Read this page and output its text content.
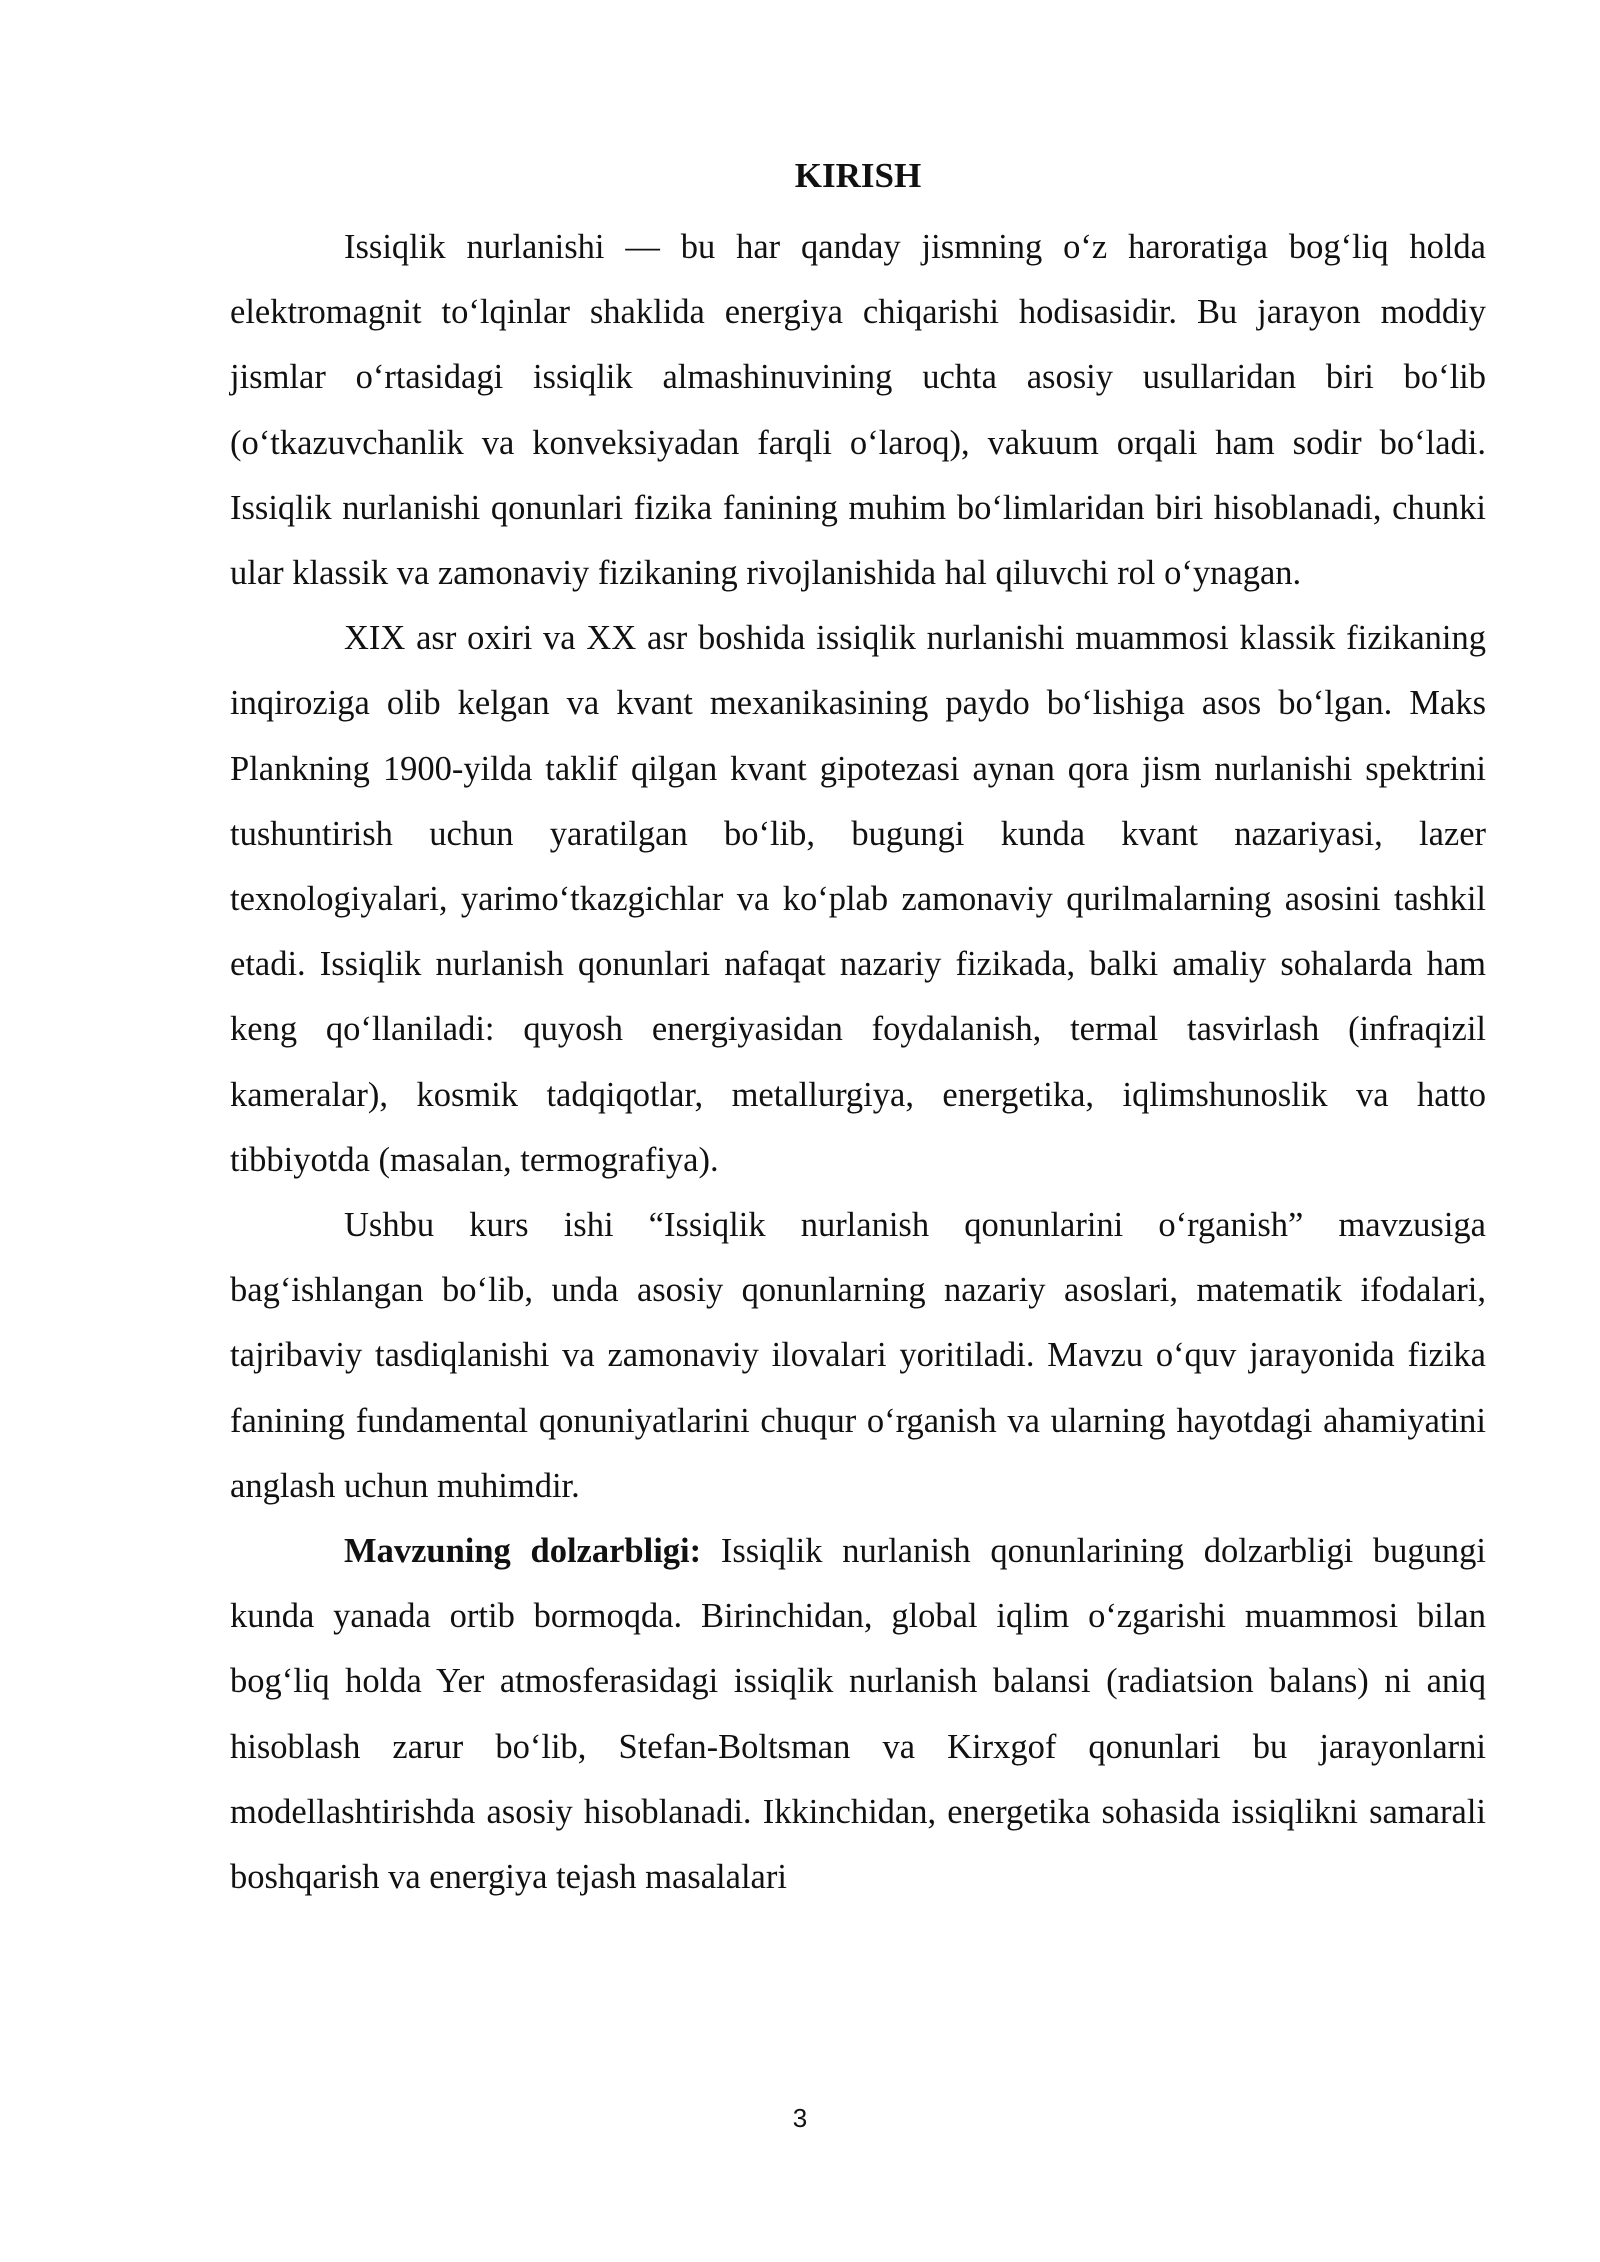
KIRISH

Issiqlik nurlanishi — bu har qanday jismning o‘z haroratiga bog‘liq holda elektromagnit to‘lqinlar shaklida energiya chiqarishi hodisasidir. Bu jarayon moddiy jismlar o‘rtasidagi issiqlik almashinuvining uchta asosiy usullaridan biri bo‘lib (o‘tkazuvchanlik va konveksiyadan farqli o‘laroq), vakuum orqali ham sodir bo‘ladi. Issiqlik nurlanishi qonunlari fizika fanining muhim bo‘limlaridan biri hisoblanadi, chunki ular klassik va zamonaviy fizikaning rivojlanishida hal qiluvchi rol o‘ynagan.

XIX asr oxiri va XX asr boshida issiqlik nurlanishi muammosi klassik fizikaning inqiroziga olib kelgan va kvant mexanikasining paydo bo‘lishiga asos bo‘lgan. Maks Plankning 1900-yilda taklif qilgan kvant gipotezasi aynan qora jism nurlanishi spektrini tushuntirish uchun yaratilgan bo‘lib, bugungi kunda kvant nazariyasi, lazer texnologiyalari, yarimo‘tkazgichlar va ko‘plab zamonaviy qurilmalarning asosini tashkil etadi. Issiqlik nurlanish qonunlari nafaqat nazariy fizikada, balki amaliy sohalarda ham keng qo‘llaniladi: quyosh energiyasidan foydalanish, termal tasvirlash (infraqizil kameralar), kosmik tadqiqotlar, metallurgiya, energetika, iqlimshunoslik va hatto tibbiyotda (masalan, termografiya).

Ushbu kurs ishi “Issiqlik nurlanish qonunlarini o‘rganish” mavzusiga bag‘ishlangan bo‘lib, unda asosiy qonunlarning nazariy asoslari, matematik ifodalari, tajribaviy tasdiqlanishi va zamonaviy ilovalari yoritiladi. Mavzu o‘quv jarayonida fizika fanining fundamental qonuniyatlarini chuqur o‘rganish va ularning hayotdagi ahamiyatini anglash uchun muhimdir.

Mavzuning dolzarbligi: Issiqlik nurlanish qonunlarining dolzarbligi bugungi kunda yanada ortib bormoqda. Birinchidan, global iqlim o‘zgarishi muammosi bilan bog‘liq holda Yer atmosferasidagi issiqlik nurlanish balansi (radiatsion balans) ni aniq hisoblash zarur bo‘lib, Stefan-Boltsman va Kirxgof qonunlari bu jarayonlarni modellashtirishda asosiy hisoblanadi. Ikkinchidan, energetika sohasida issiqlikni samarali boshqarish va energiya tejash masalalari

3
